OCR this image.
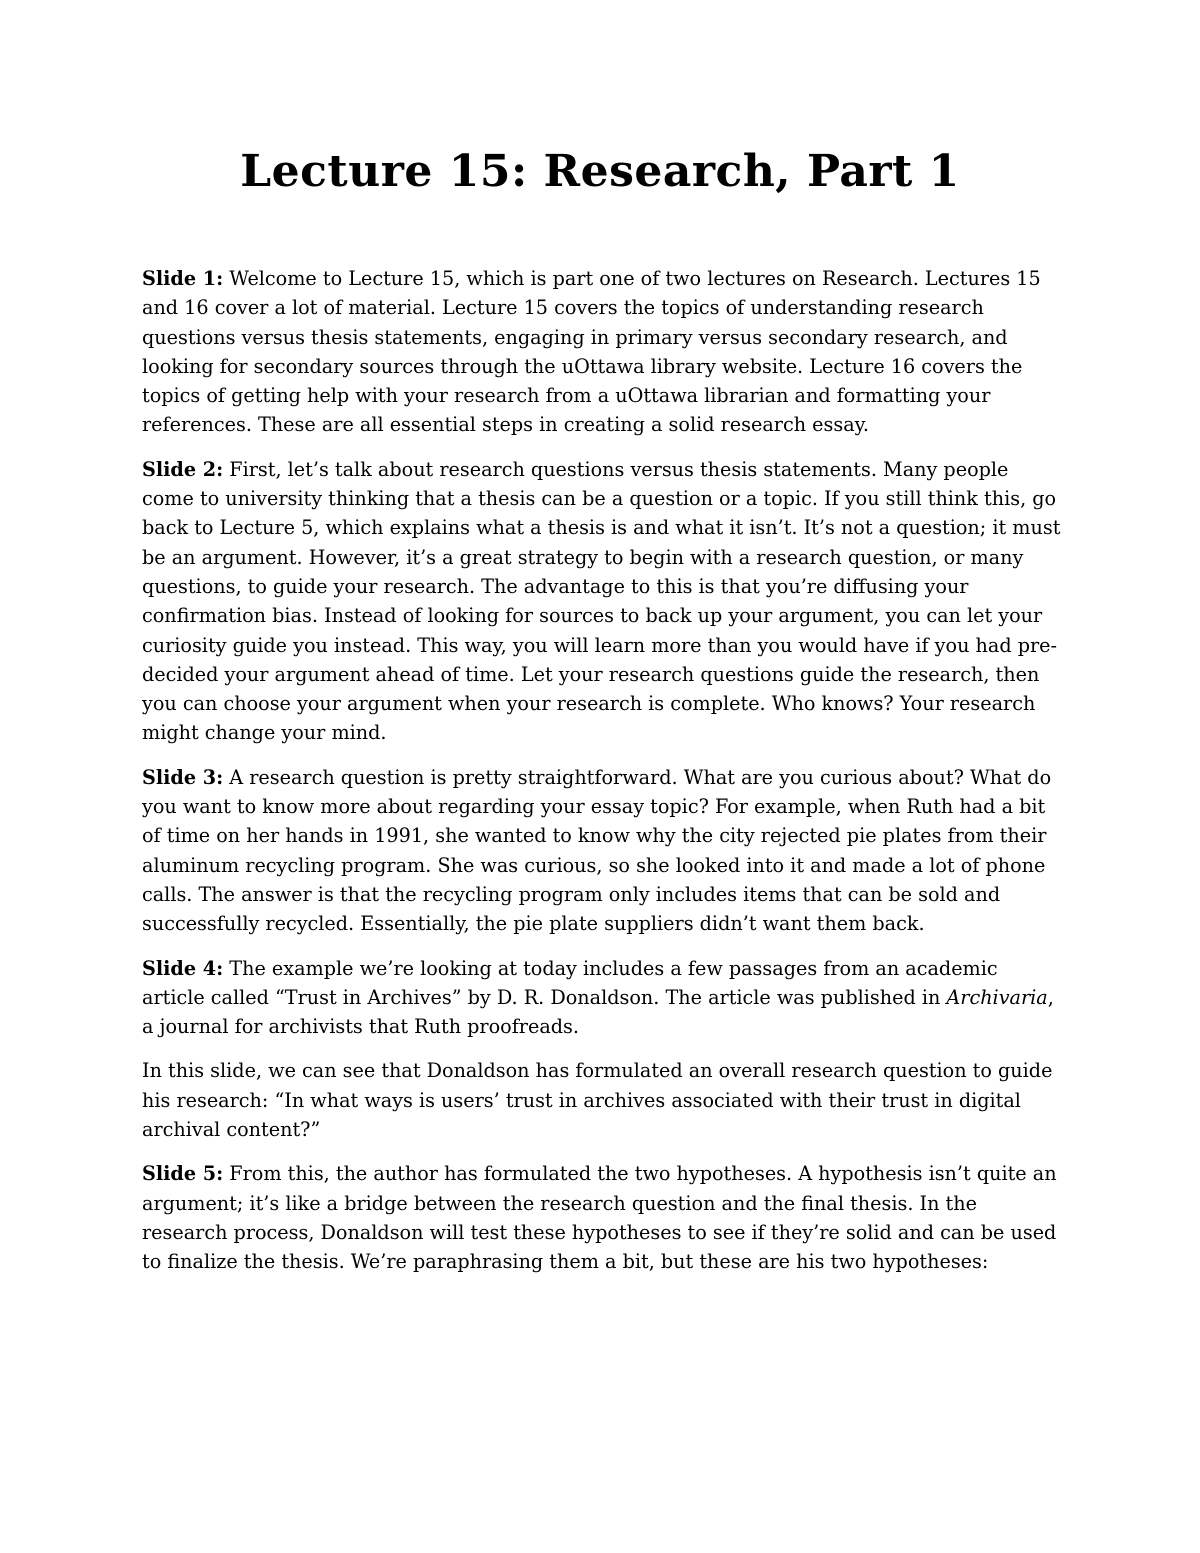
Lecture 15: Research, Part 1

Slide 1: Welcome to Lecture 15, which is part one of two lectures on Research. Lectures 15 and 16 cover a lot of material. Lecture 15 covers the topics of understanding research questions versus thesis statements, engaging in primary versus secondary research, and looking for secondary sources through the uOttawa library website. Lecture 16 covers the topics of getting help with your research from a uOttawa librarian and formatting your references. These are all essential steps in creating a solid research essay.

Slide 2: First, let’s talk about research questions versus thesis statements. Many people come to university thinking that a thesis can be a question or a topic. If you still think this, go back to Lecture 5, which explains what a thesis is and what it isn’t. It’s not a question; it must be an argument. However, it’s a great strategy to begin with a research question, or many questions, to guide your research. The advantage to this is that you’re diffusing your confirmation bias. Instead of looking for sources to back up your argument, you can let your curiosity guide you instead. This way, you will learn more than you would have if you had pre-decided your argument ahead of time. Let your research questions guide the research, then you can choose your argument when your research is complete. Who knows? Your research might change your mind.

Slide 3: A research question is pretty straightforward. What are you curious about? What do you want to know more about regarding your essay topic? For example, when Ruth had a bit of time on her hands in 1991, she wanted to know why the city rejected pie plates from their aluminum recycling program. She was curious, so she looked into it and made a lot of phone calls. The answer is that the recycling program only includes items that can be sold and successfully recycled. Essentially, the pie plate suppliers didn’t want them back.

Slide 4: The example we’re looking at today includes a few passages from an academic article called “Trust in Archives” by D. R. Donaldson. The article was published in Archivaria, a journal for archivists that Ruth proofreads.

In this slide, we can see that Donaldson has formulated an overall research question to guide his research: “In what ways is users’ trust in archives associated with their trust in digital archival content?”

Slide 5: From this, the author has formulated the two hypotheses. A hypothesis isn’t quite an argument; it’s like a bridge between the research question and the final thesis. In the research process, Donaldson will test these hypotheses to see if they’re solid and can be used to finalize the thesis. We’re paraphrasing them a bit, but these are his two hypotheses:
